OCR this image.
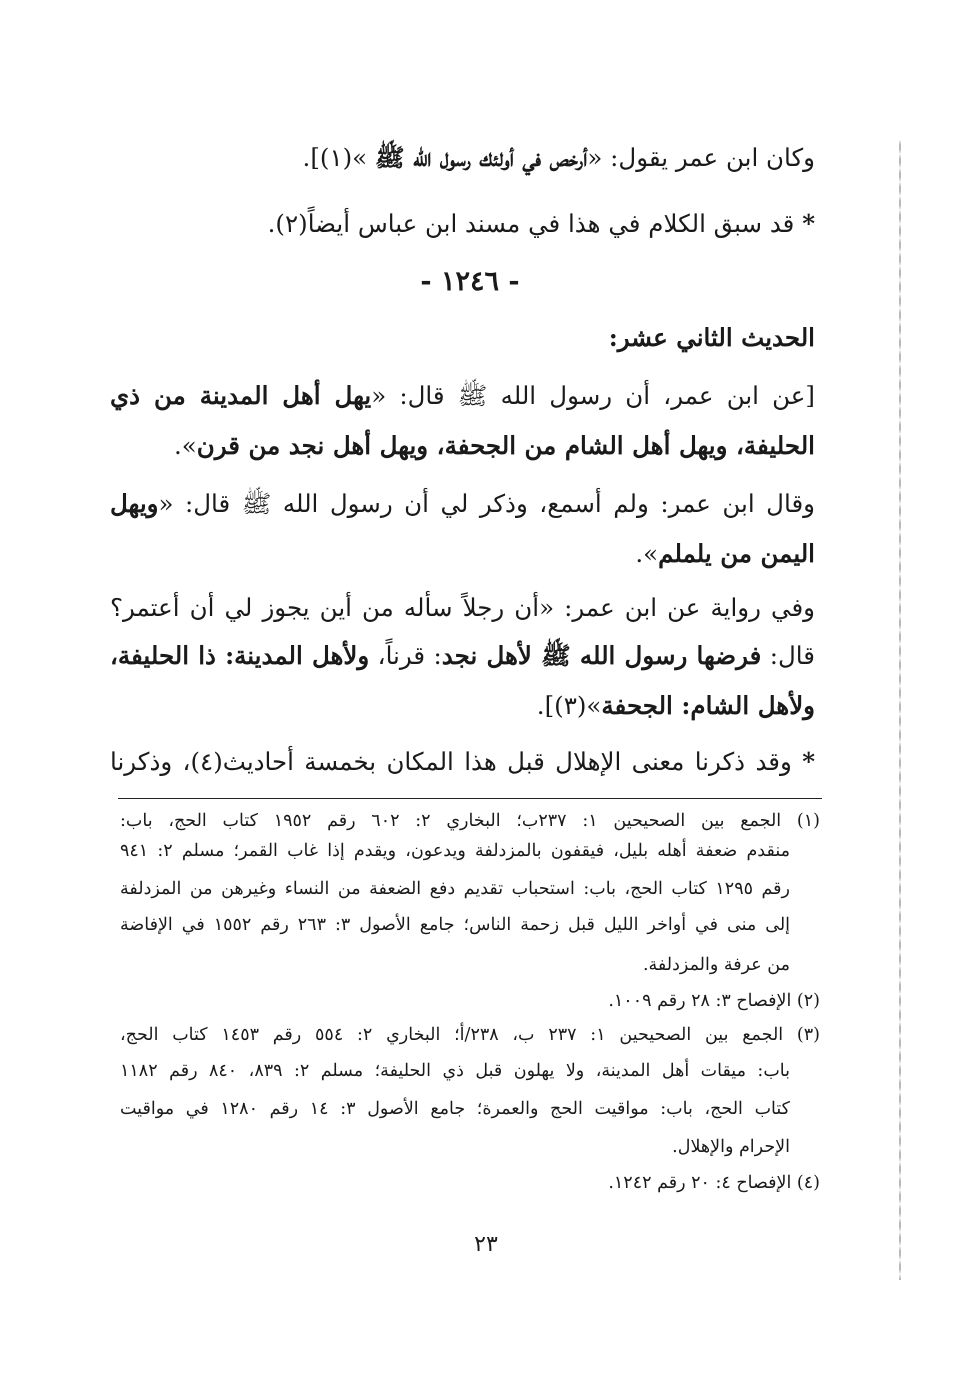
وكان ابن عمر يقول: «أرخص في أولئك رسول الله ﷺ »(١)].
* قد سبق الكلام في هذا في مسند ابن عباس أيضاً(٢).
- ١٢٤٦ -
الحديث الثاني عشر:
[عن ابن عمر، أن رسول الله ﷺ قال: «يهل أهل المدينة من ذي
الحليفة، ويهل أهل الشام من الجحفة، ويهل أهل نجد من قرن».
وقال ابن عمر: ولم أسمع، وذكر لي أن رسول الله ﷺ قال: «ويهل
اليمن من يلملم».
وفي رواية عن ابن عمر: «أن رجلاً سأله من أين يجوز لي أن أعتمر؟
قال: فرضها رسول الله ﷺ لأهل نجد: قرناً، ولأهل المدينة: ذا الحليفة،
ولأهل الشام: الجحفة»(٣)].
* وقد ذكرنا معنى الإهلال قبل هذا المكان بخمسة أحاديث(٤)، وذكرنا
(١) الجمع بين الصحيحين ١: ٢٣٧ب؛ البخاري ٢: ٦٠٢ رقم ١٩٥٢ كتاب الحج، باب:
منقدم ضعفة أهله بليل، فيقفون بالمزدلفة ويدعون، ويقدم إذا غاب القمر؛ مسلم ٢: ٩٤١
رقم ١٢٩٥ كتاب الحج، باب: استحباب تقديم دفع الضعفة من النساء وغيرهن من المزدلفة
إلى منى في أواخر الليل قبل زحمة الناس؛ جامع الأصول ٣: ٢٦٣ رقم ١٥٥٢ في الإفاضة
من عرفة والمزدلفة.
(٢) الإفصاح ٣: ٢٨ رقم ١٠٠٩.
(٣) الجمع بين الصحيحين ١: ٢٣٧ ب، ٢٣٨/أ؛ البخاري ٢: ٥٥٤ رقم ١٤٥٣ كتاب الحج،
باب: ميقات أهل المدينة، ولا يهلون قبل ذي الحليفة؛ مسلم ٢: ٨٣٩، ٨٤٠ رقم ١١٨٢
كتاب الحج، باب: مواقيت الحج والعمرة؛ جامع الأصول ٣: ١٤ رقم ١٢٨٠ في مواقيت
الإحرام والإهلال.
(٤) الإفصاح ٤: ٢٠ رقم ١٢٤٢.
٢٣
